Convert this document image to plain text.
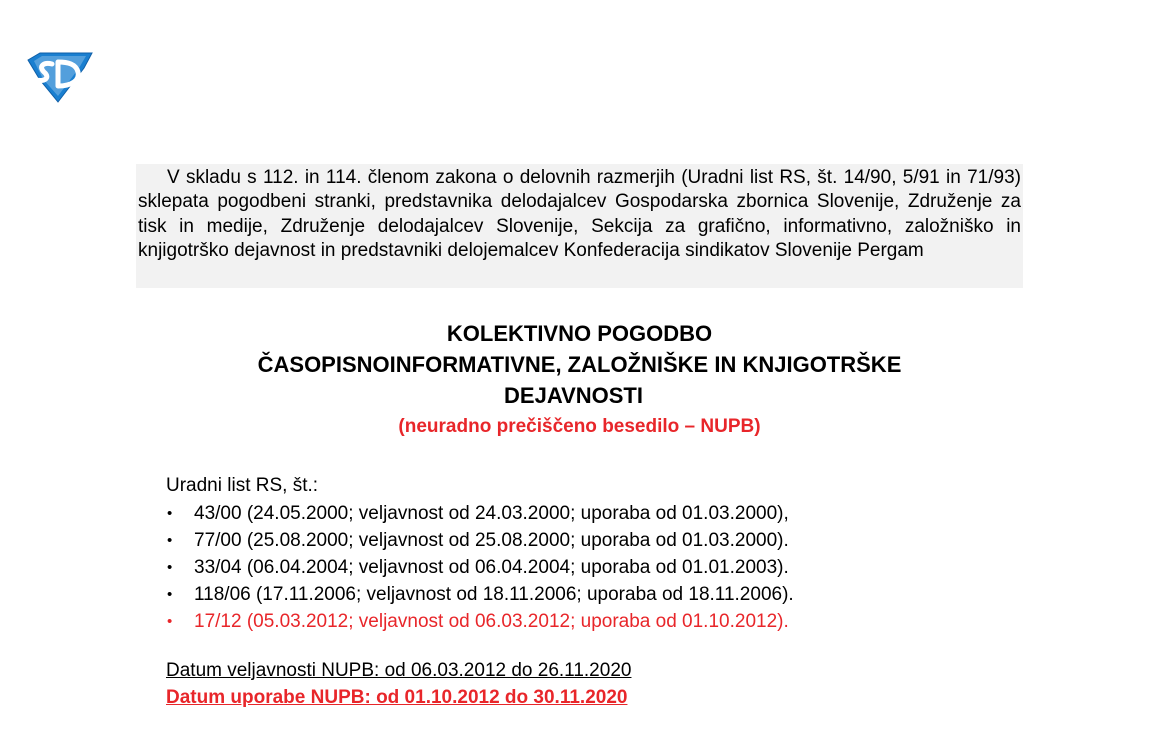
V skladu s 112. in 114. členom zakona o delovnih razmerjih (Uradni list RS, št. 14/90, 5/91 in 71/93) sklepata pogodbeni stranki, predstavnika delodajalcev Gospodarska zbornica Slovenije, Združenje za tisk in medije, Združenje delodajalcev Slovenije, Sekcija za grafično, informativno, založniško in knjigotrško dejavnost in predstavniki delojemalcev Konfederacija sindikatov Slovenije Pergam
KOLEKTIVNO POGODBO
ČASOPISNOINFORMATIVNE, ZALOŽNIŠKE IN KNJIGOTRŠKE
DEJAVNOSTI
(neuradno prečiščeno besedilo – NUPB)
Uradni list RS, št.:
• 43/00 (24.05.2000; veljavnost od 24.03.2000; uporaba od 01.03.2000),
• 77/00 (25.08.2000; veljavnost od 25.08.2000; uporaba od 01.03.2000).
• 33/04 (06.04.2004; veljavnost od 06.04.2004; uporaba od 01.01.2003).
• 118/06 (17.11.2006; veljavnost od 18.11.2006; uporaba od 18.11.2006).
• 17/12 (05.03.2012; veljavnost od 06.03.2012; uporaba od 01.10.2012).
Datum veljavnosti NUPB: od 06.03.2012 do 26.11.2020
Datum uporabe NUPB: od 01.10.2012 do 30.11.2020
